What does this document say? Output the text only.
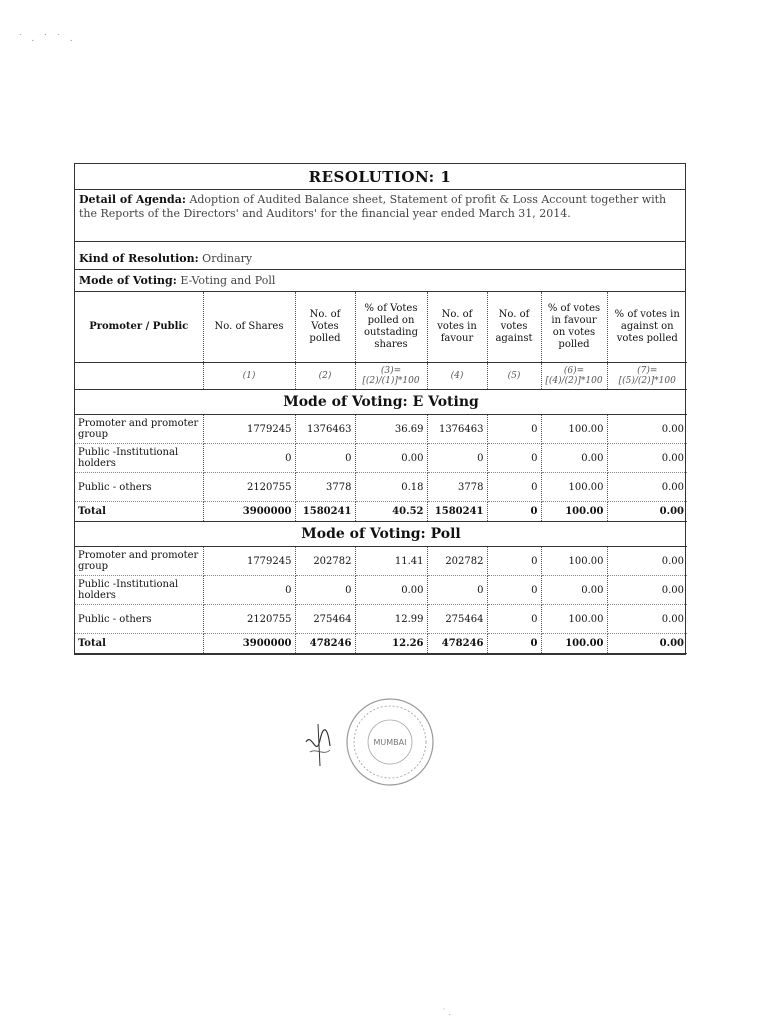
˙ . ˙ ˙ .
RESOLUTION: 1
Detail of Agenda: Adoption of Audited Balance sheet, Statement of profit & Loss Account together with the Reports of the Directors' and Auditors' for the financial year ended March 31, 2014.
Kind of Resolution: Ordinary
Mode of Voting: E-Voting and Poll
Promoter / Public	No. of Shares	No. of Votes polled	% of Votes polled on outstading shares	No. of votes in favour	No. of votes against	% of votes in favour on votes polled	% of votes in against on votes polled
	(1)	(2)	(3)=[(2)/(1)]*100	(4)	(5)	(6)=[(4)/(2)]*100	(7)=[(5)/(2)]*100
Mode of Voting: E Voting							
Promoter and promoter group	1779245	1376463	36.69	1376463	0	100.00	0.00
Public -Institutional holders	0	0	0.00	0	0	0.00	0.00
Public - others	2120755	3778	0.18	3778	0	100.00	0.00
Total	3900000	1580241	40.52	1580241	0	100.00	0.00
Mode of Voting: Poll							
Promoter and promoter group	1779245	202782	11.41	202782	0	100.00	0.00
Public -Institutional holders	0	0	0.00	0	0	0.00	0.00
Public - others	2120755	275464	12.99	275464	0	100.00	0.00
Total	3900000	478246	12.26	478246	0	100.00	0.00
MUMBAI
˙ .
